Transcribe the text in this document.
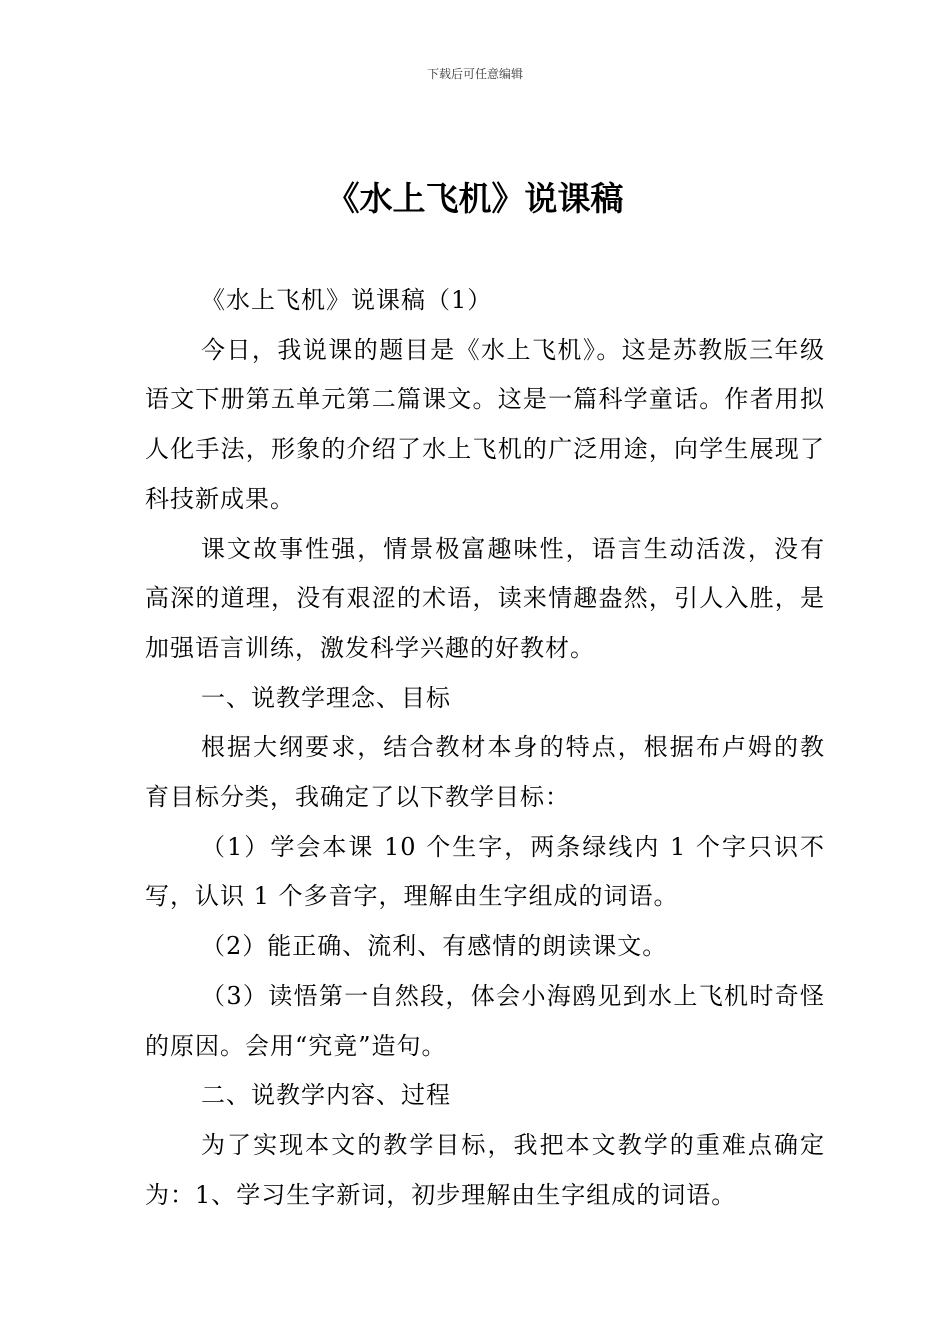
下载后可任意编辑
《水上飞机》说课稿

《水上飞机》说课稿（1）

今日，我说课的题目是《水上飞机》。这是苏教版三年级语文下册第五单元第二篇课文。这是一篇科学童话。作者用拟人化手法，形象的介绍了水上飞机的广泛用途，向学生展现了科技新成果。

课文故事性强，情景极富趣味性，语言生动活泼，没有高深的道理，没有艰涩的术语，读来情趣盎然，引人入胜，是加强语言训练，激发科学兴趣的好教材。

一、说教学理念、目标

根据大纲要求，结合教材本身的特点，根据布卢姆的教育目标分类，我确定了以下教学目标：

（1）学会本课 10 个生字，两条绿线内 1 个字只识不写，认识 1 个多音字，理解由生字组成的词语。

（2）能正确、流利、有感情的朗读课文。

（3）读悟第一自然段，体会小海鸥见到水上飞机时奇怪的原因。会用“究竟”造句。

二、说教学内容、过程

为了实现本文的教学目标，我把本文教学的重难点确定为：1、学习生字新词，初步理解由生字组成的词语。
